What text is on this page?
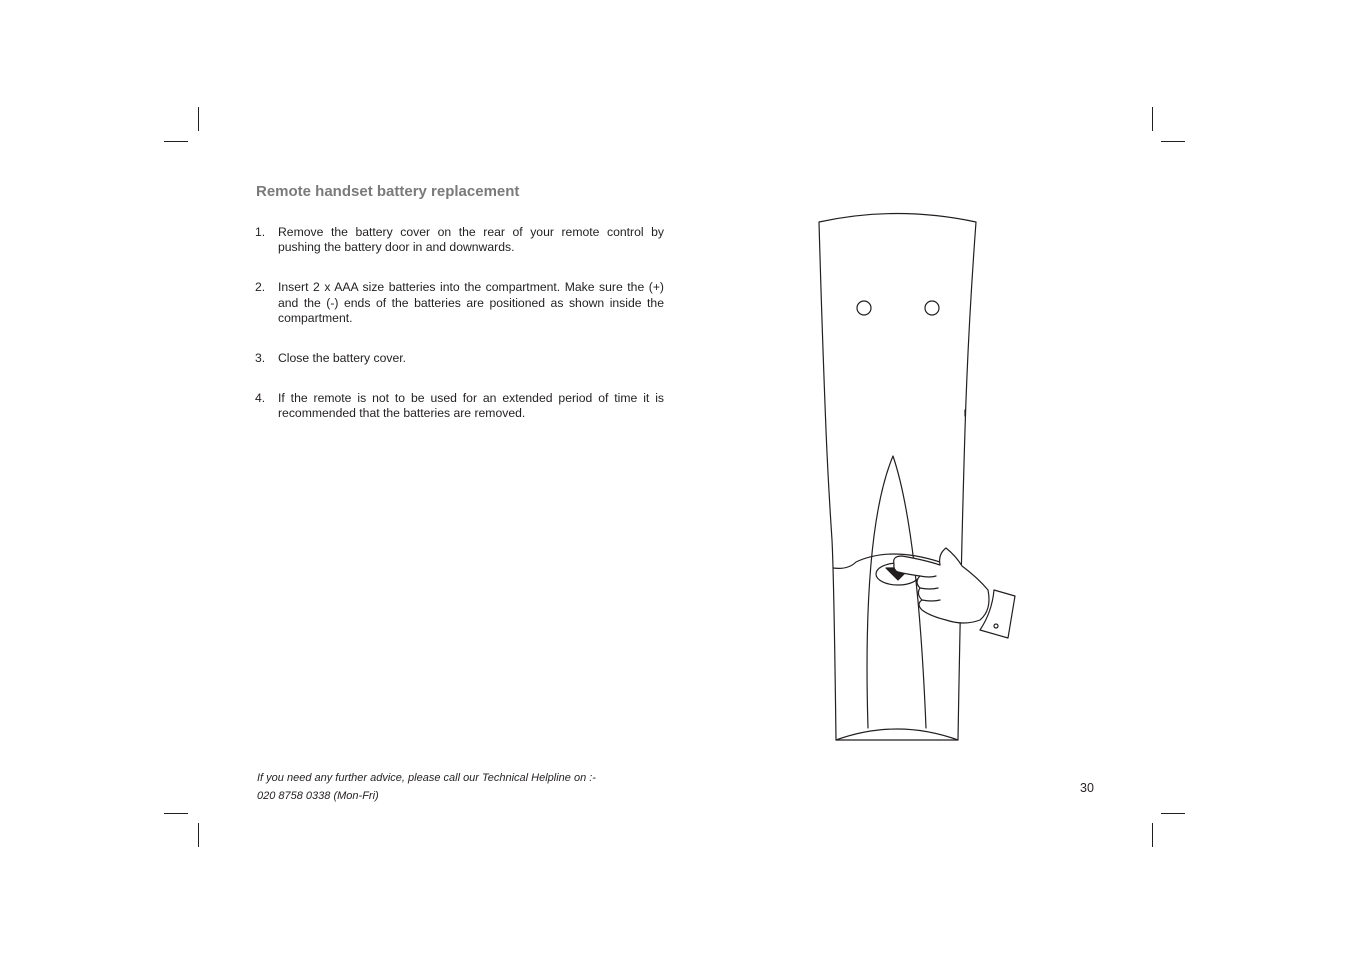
Remote handset battery replacement
1. Remove the battery cover on the rear of your remote control by pushing the battery door in and downwards.
2. Insert 2 x AAA size batteries into the compartment. Make sure the (+) and the (-) ends of the batteries are positioned as shown inside the compartment.
3. Close the battery cover.
4. If the remote is not to be used for an extended period of time it is recommended that the batteries are removed.
If you need any further advice, please call our Technical Helpline on :-
020 8758 0338 (Mon-Fri)
30
